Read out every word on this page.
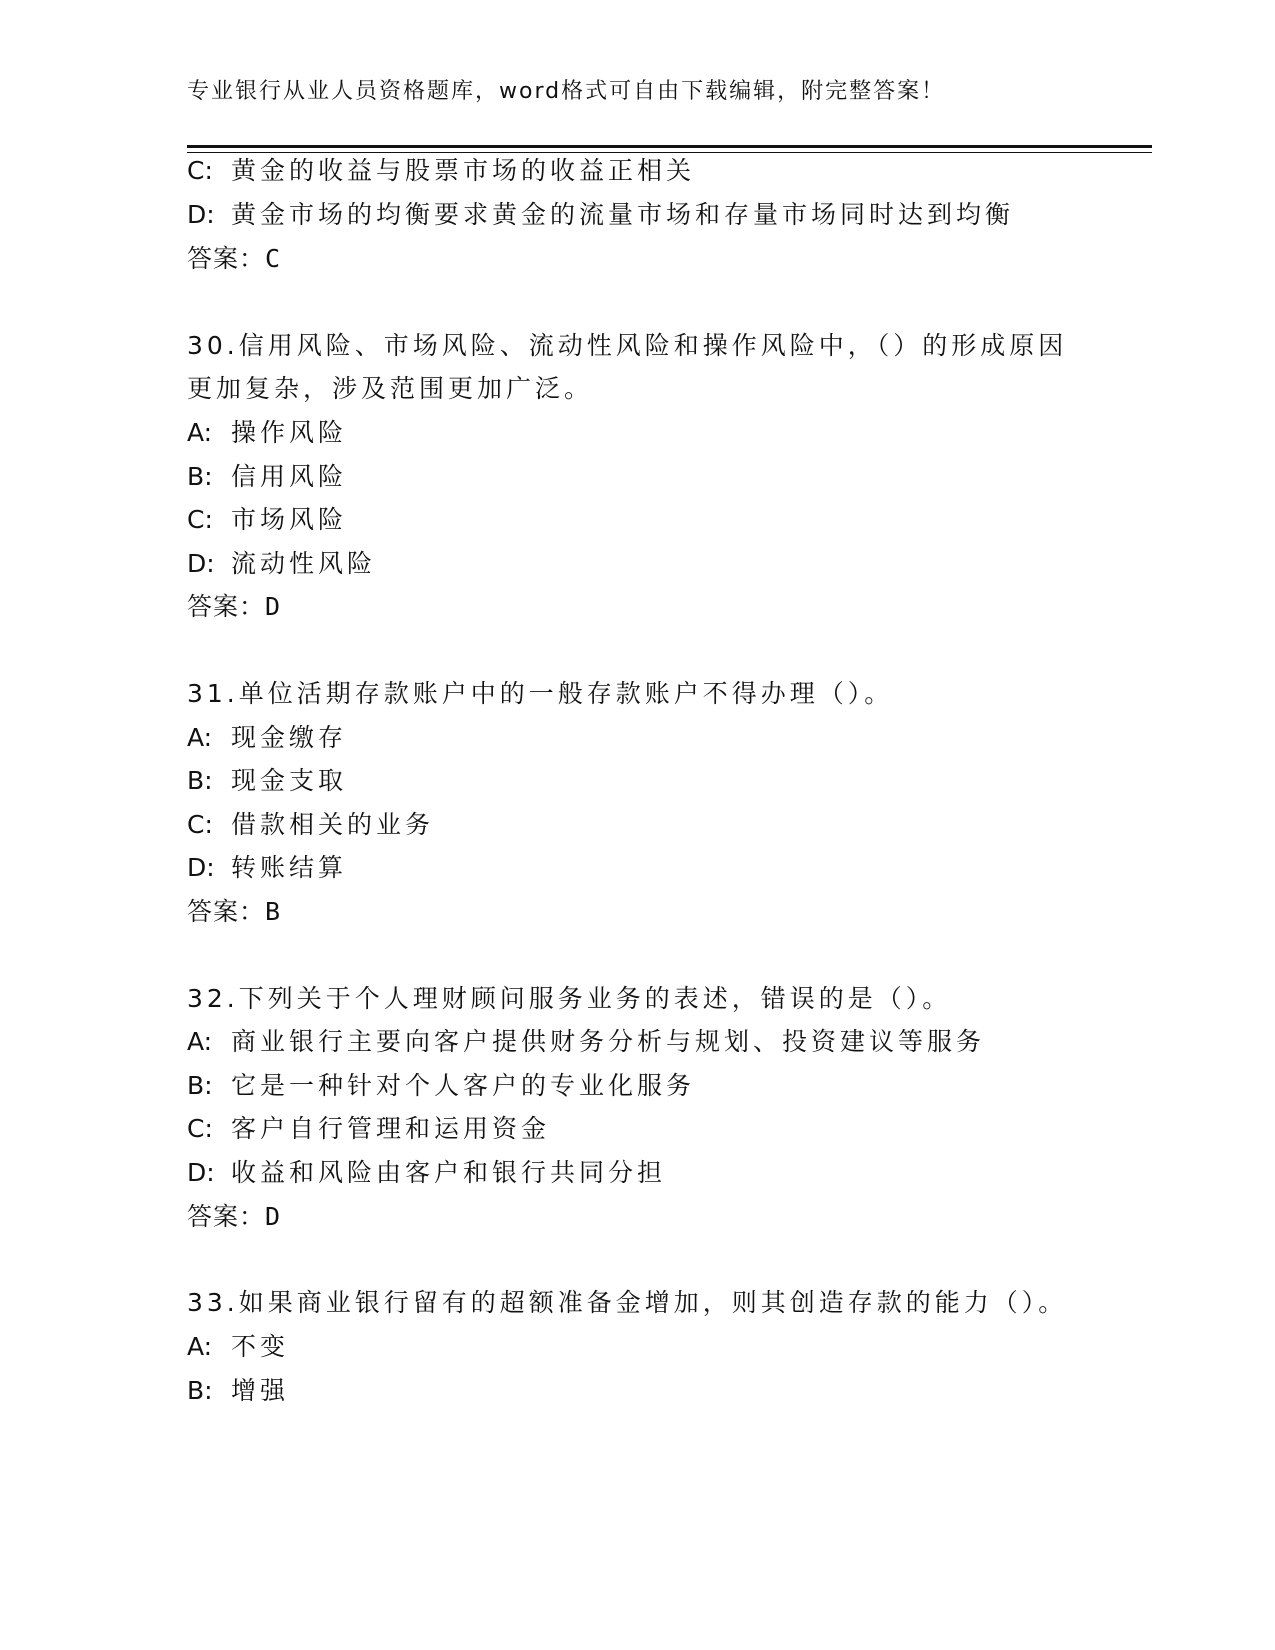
专业银行从业人员资格题库，word格式可自由下载编辑，附完整答案！
C: 黄金的收益与股票市场的收益正相关
D: 黄金市场的均衡要求黄金的流量市场和存量市场同时达到均衡
答案：C
30.信用风险、市场风险、流动性风险和操作风险中，（）的形成原因
更加复杂，涉及范围更加广泛。
A: 操作风险
B: 信用风险
C: 市场风险
D: 流动性风险
答案：D
31.单位活期存款账户中的一般存款账户不得办理（）。
A: 现金缴存
B: 现金支取
C: 借款相关的业务
D: 转账结算
答案：B
32.下列关于个人理财顾问服务业务的表述，错误的是（）。
A: 商业银行主要向客户提供财务分析与规划、投资建议等服务
B: 它是一种针对个人客户的专业化服务
C: 客户自行管理和运用资金
D: 收益和风险由客户和银行共同分担
答案：D
33.如果商业银行留有的超额准备金增加，则其创造存款的能力（）。
A: 不变
B: 增强
